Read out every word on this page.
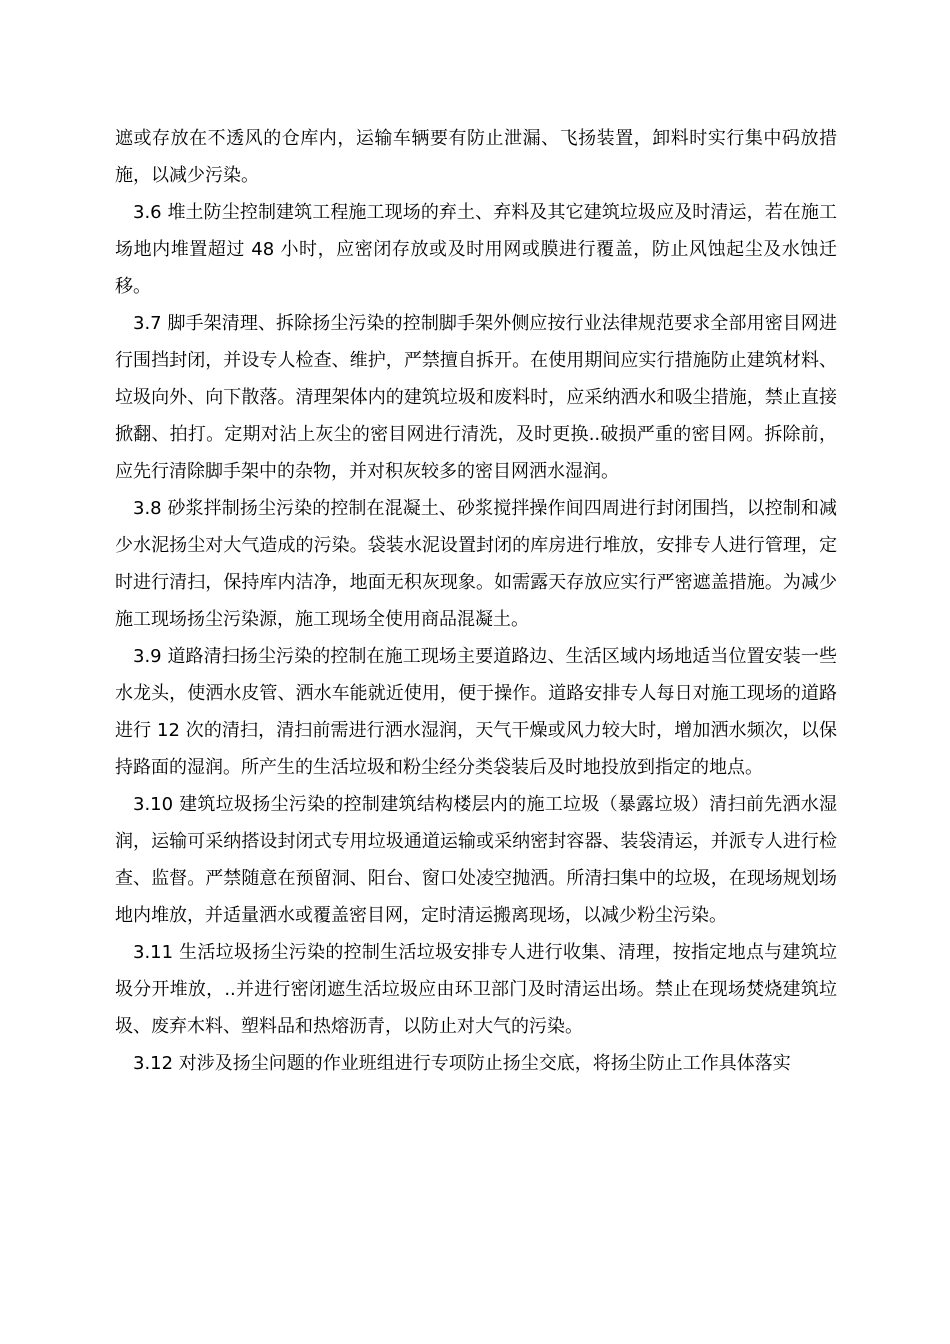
遮或存放在不透风的仓库内，运输车辆要有防止泄漏、飞扬装置，卸料时实行集中码放措施，以减少污染。

3.6 堆土防尘控制建筑工程施工现场的弃土、弃料及其它建筑垃圾应及时清运，若在施工场地内堆置超过 48 小时，应密闭存放或及时用网或膜进行覆盖，防止风蚀起尘及水蚀迁移。

3.7 脚手架清理、拆除扬尘污染的控制脚手架外侧应按行业法律规范要求全部用密目网进行围挡封闭，并设专人检查、维护，严禁擅自拆开。在使用期间应实行措施防止建筑材料、垃圾向外、向下散落。清理架体内的建筑垃圾和废料时，应采纳洒水和吸尘措施，禁止直接掀翻、拍打。定期对沾上灰尘的密目网进行清洗，及时更换..破损严重的密目网。拆除前，应先行清除脚手架中的杂物，并对积灰较多的密目网洒水湿润。

3.8 砂浆拌制扬尘污染的控制在混凝土、砂浆搅拌操作间四周进行封闭围挡，以控制和减少水泥扬尘对大气造成的污染。袋装水泥设置封闭的库房进行堆放，安排专人进行管理，定时进行清扫，保持库内洁净，地面无积灰现象。如需露天存放应实行严密遮盖措施。为减少施工现场扬尘污染源，施工现场全使用商品混凝土。

3.9 道路清扫扬尘污染的控制在施工现场主要道路边、生活区域内场地适当位置安装一些水龙头，使洒水皮管、洒水车能就近使用，便于操作。道路安排专人每日对施工现场的道路进行 12 次的清扫，清扫前需进行洒水湿润，天气干燥或风力较大时，增加洒水频次，以保持路面的湿润。所产生的生活垃圾和粉尘经分类袋装后及时地投放到指定的地点。

3.10 建筑垃圾扬尘污染的控制建筑结构楼层内的施工垃圾（暴露垃圾）清扫前先洒水湿润，运输可采纳搭设封闭式专用垃圾通道运输或采纳密封容器、装袋清运，并派专人进行检查、监督。严禁随意在预留洞、阳台、窗口处凌空抛洒。所清扫集中的垃圾，在现场规划场地内堆放，并适量洒水或覆盖密目网，定时清运搬离现场，以减少粉尘污染。

3.11 生活垃圾扬尘污染的控制生活垃圾安排专人进行收集、清理，按指定地点与建筑垃圾分开堆放，..并进行密闭遮生活垃圾应由环卫部门及时清运出场。禁止在现场焚烧建筑垃圾、废弃木料、塑料品和热熔沥青，以防止对大气的污染。

3.12 对涉及扬尘问题的作业班组进行专项防止扬尘交底，将扬尘防止工作具体落实
